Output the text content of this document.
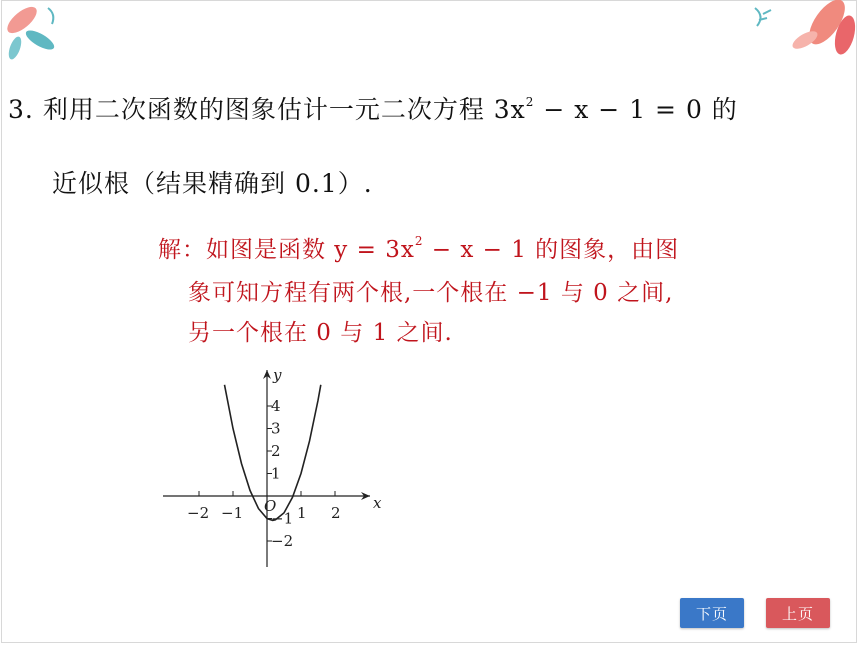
3. 利用二次函数的图象估计一元二次方程 $3x^2 - x - 1 = 0$ 的
近似根（结果精确到 0.1）.
解：如图是函数 $y = 3x^2 - x - 1$ 的图象，由图
象可知方程有两个根,一个根在 −1 与 0 之间,
另一个根在 0 与 1 之间.
x
y
O
−2 −1	1 2
4
3
2
1
−1
−2
下页	上页
